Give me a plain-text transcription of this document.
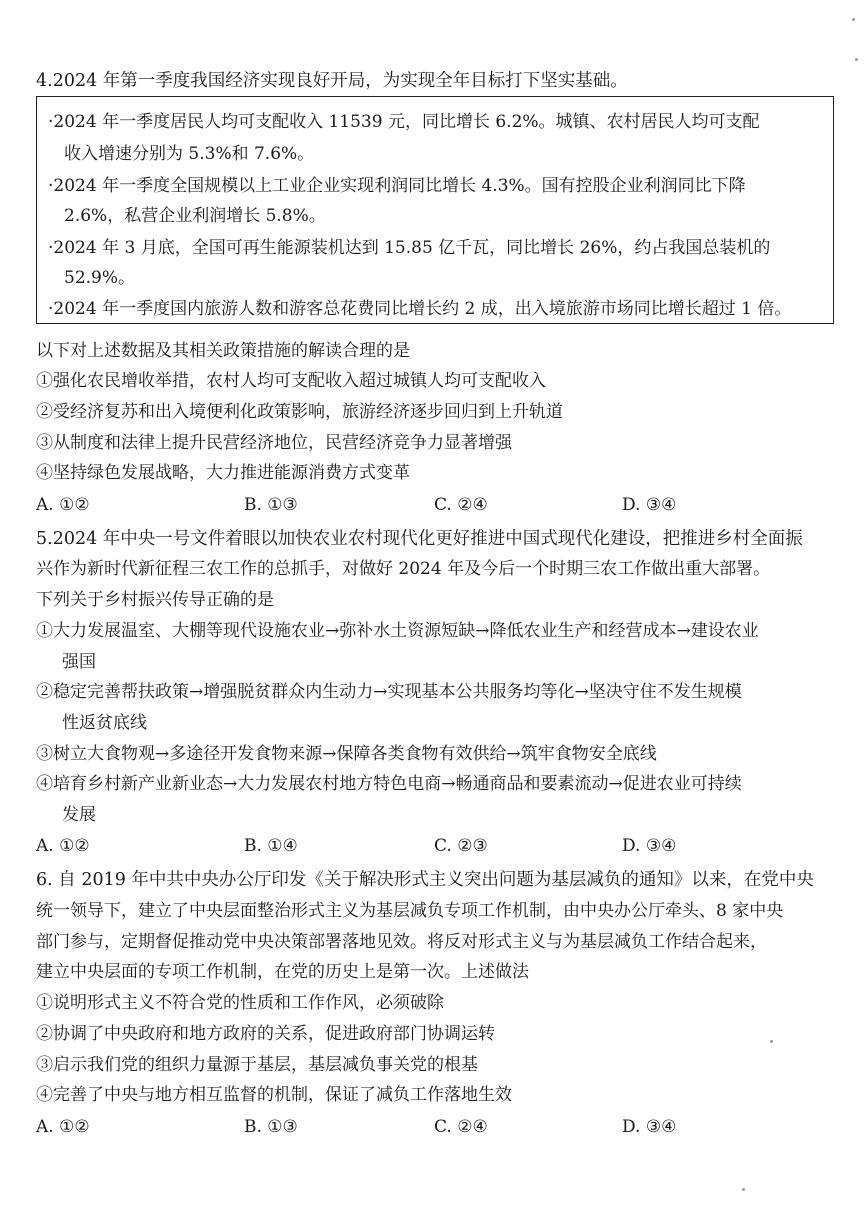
4.2024 年第一季度我国经济实现良好开局，为实现全年目标打下坚实基础。
·2024 年一季度居民人均可支配收入 11539 元，同比增长 6.2%。城镇、农村居民人均可支配
收入增速分别为 5.3%和 7.6%。
·2024 年一季度全国规模以上工业企业实现利润同比增长 4.3%。国有控股企业利润同比下降
2.6%，私营企业利润增长 5.8%。
·2024 年 3 月底，全国可再生能源装机达到 15.85 亿千瓦，同比增长 26%，约占我国总装机的
52.9%。
·2024 年一季度国内旅游人数和游客总花费同比增长约 2 成，出入境旅游市场同比增长超过 1 倍。
以下对上述数据及其相关政策措施的解读合理的是
①强化农民增收举措，农村人均可支配收入超过城镇人均可支配收入
②受经济复苏和出入境便利化政策影响，旅游经济逐步回归到上升轨道
③从制度和法律上提升民营经济地位，民营经济竞争力显著增强
④坚持绿色发展战略，大力推进能源消费方式变革
A. ①②	B. ①③	C. ②④	D. ③④
5.2024 年中央一号文件着眼以加快农业农村现代化更好推进中国式现代化建设，把推进乡村全面振
兴作为新时代新征程三农工作的总抓手，对做好 2024 年及今后一个时期三农工作做出重大部署。
下列关于乡村振兴传导正确的是
①大力发展温室、大棚等现代设施农业→弥补水土资源短缺→降低农业生产和经营成本→建设农业
强国
②稳定完善帮扶政策→增强脱贫群众内生动力→实现基本公共服务均等化→坚决守住不发生规模
性返贫底线
③树立大食物观→多途径开发食物来源→保障各类食物有效供给→筑牢食物安全底线
④培育乡村新产业新业态→大力发展农村地方特色电商→畅通商品和要素流动→促进农业可持续
发展
A. ①②	B. ①④	C. ②③	D. ③④
6. 自 2019 年中共中央办公厅印发《关于解决形式主义突出问题为基层减负的通知》以来，在党中央
统一领导下，建立了中央层面整治形式主义为基层减负专项工作机制，由中央办公厅牵头、8 家中央
部门参与，定期督促推动党中央决策部署落地见效。将反对形式主义与为基层减负工作结合起来，
建立中央层面的专项工作机制，在党的历史上是第一次。上述做法
①说明形式主义不符合党的性质和工作作风，必须破除
②协调了中央政府和地方政府的关系，促进政府部门协调运转
③启示我们党的组织力量源于基层，基层减负事关党的根基
④完善了中央与地方相互监督的机制，保证了减负工作落地生效
A. ①②	B. ①③	C. ②④	D. ③④
